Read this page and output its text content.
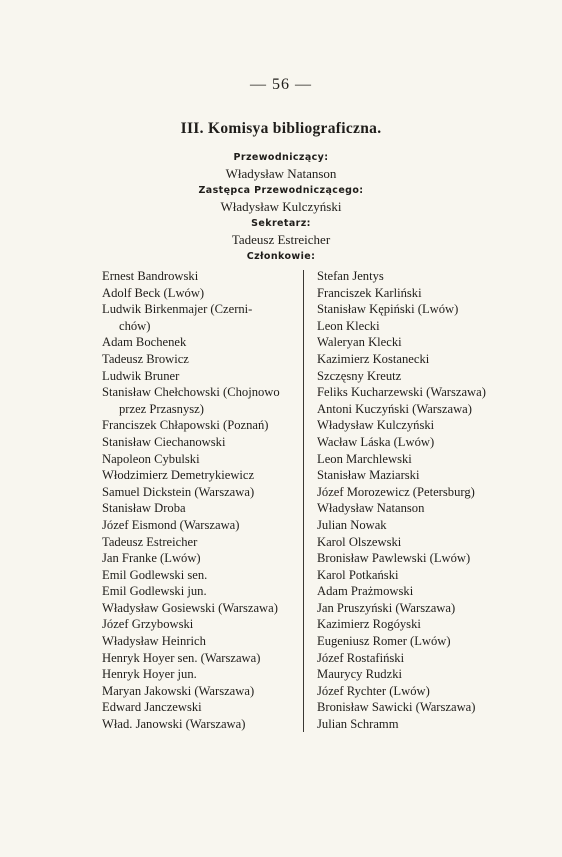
— 56 —
III. Komisya bibliograficzna.
Przewodniczący:
Władysław Natanson
Zastępca Przewodniczącego:
Władysław Kulczyński
Sekretarz:
Tadeusz Estreicher
Członkowie:
Ernest Bandrowski
Adolf Beck (Lwów)
Ludwik Birkenmajer (Czerni-
chów)
Adam Bochenek
Tadeusz Browicz
Ludwik Bruner
Stanisław Chełchowski (Chojnowo
przez Przasnysz)
Franciszek Chłapowski (Poznań)
Stanisław Ciechanowski
Napoleon Cybulski
Włodzimierz Demetrykiewicz
Samuel Dickstein (Warszawa)
Stanisław Droba
Józef Eismond (Warszawa)
Tadeusz Estreicher
Jan Franke (Lwów)
Emil Godlewski sen.
Emil Godlewski jun.
Władysław Gosiewski (Warszawa)
Józef Grzybowski
Władysław Heinrich
Henryk Hoyer sen. (Warszawa)
Henryk Hoyer jun.
Maryan Jakowski (Warszawa)
Edward Janczewski
Wład. Janowski (Warszawa)
Stefan Jentys
Franciszek Karliński
Stanisław Kępiński (Lwów)
Leon Klecki
Waleryan Klecki
Kazimierz Kostanecki
Szczęsny Kreutz
Feliks Kucharzewski (Warszawa)
Antoni Kuczyński (Warszawa)
Władysław Kulczyński
Wacław Láska (Lwów)
Leon Marchlewski
Stanisław Maziarski
Józef Morozewicz (Petersburg)
Władysław Natanson
Julian Nowak
Karol Olszewski
Bronisław Pawlewski (Lwów)
Karol Potkański
Adam Prażmowski
Jan Pruszyński (Warszawa)
Kazimierz Rogóyski
Eugeniusz Romer (Lwów)
Józef Rostafiński
Maurycy Rudzki
Józef Rychter (Lwów)
Bronisław Sawicki (Warszawa)
Julian Schramm
